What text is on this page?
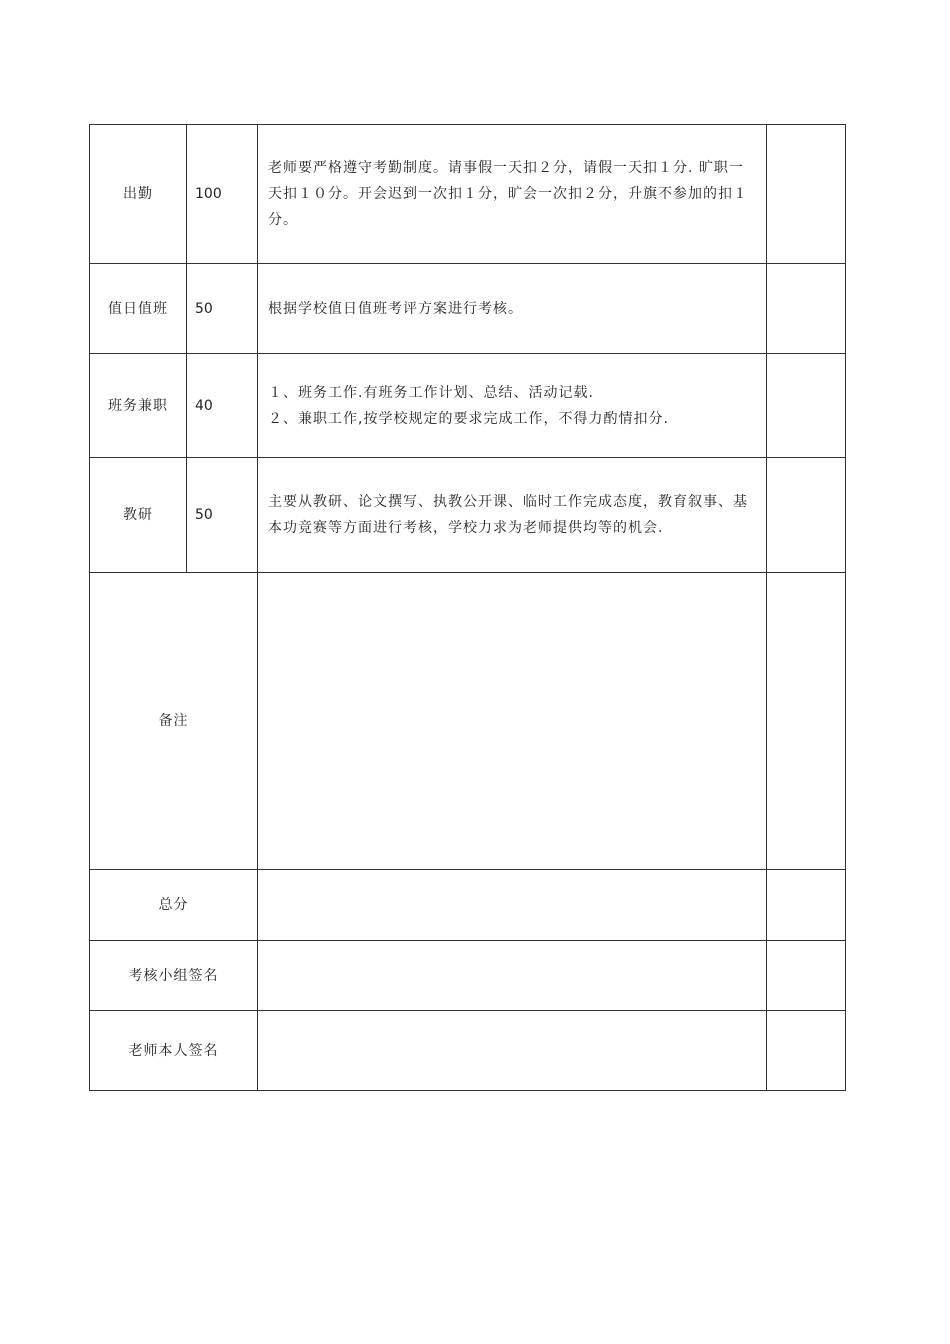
出勤	100	老师要严格遵守考勤制度。请事假一天扣２分，请假一天扣１分. 旷职一天扣１０分。开会迟到一次扣１分，旷会一次扣２分，升旗不参加的扣１分。	
值日值班	50	根据学校值日值班考评方案进行考核。	
班务兼职	40	１、班务工作.有班务工作计划、总结、活动记载.
２、兼职工作,按学校规定的要求完成工作，不得力酌情扣分.	

教研	50	主要从教研、论文撰写、执教公开课、临时工作完成态度，教育叙事、基本功竞赛等方面进行考核，学校力求为老师提供均等的机会.	
备注			
总分			
考核小组签名			
老师本人签名			
